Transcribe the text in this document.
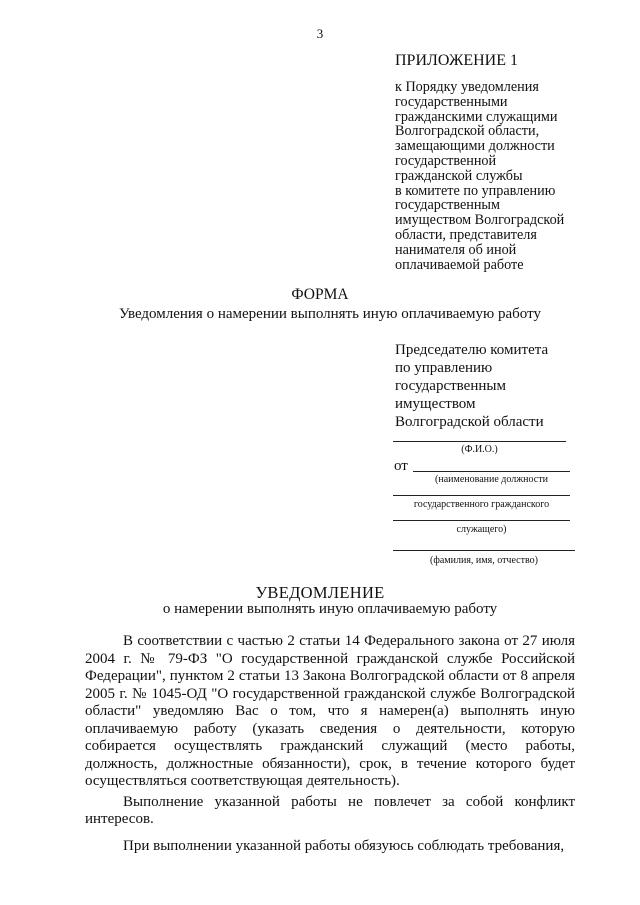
3
ПРИЛОЖЕНИЕ 1
к Порядку уведомления
государственными
гражданскими служащими
Волгоградской области,
замещающими должности
государственной
гражданской службы
в комитете по управлению
государственным
имуществом Волгоградской
области, представителя
нанимателя об иной
оплачиваемой работе
ФОРМА
Уведомления о намерении выполнять иную оплачиваемую работу
Председателю комитета
по управлению
государственным
имуществом
Волгоградской области
(Ф.И.О.)
от
(наименование должности
государственного гражданского
служащего)
(фамилия, имя, отчество)
УВЕДОМЛЕНИЕ
о намерении выполнять иную оплачиваемую работу

В соответствии с частью 2 статьи 14 Федерального закона от 27 июля 2004 г. № 79-ФЗ "О государственной гражданской службе Российской Федерации", пунктом 2 статьи 13 Закона Волгоградской области от 8 апреля 2005 г. № 1045-ОД "О государственной гражданской службе Волгоградской области" уведомляю Вас о том, что я намерен(а) выполнять иную оплачиваемую работу (указать сведения о деятельности, которую собирается осуществлять гражданский служащий (место работы, должность, должностные обязанности), срок, в течение которого будет осуществляться соответствующая деятельность).

Выполнение указанной работы не повлечет за собой конфликт интересов.

При выполнении указанной работы обязуюсь соблюдать требования,
